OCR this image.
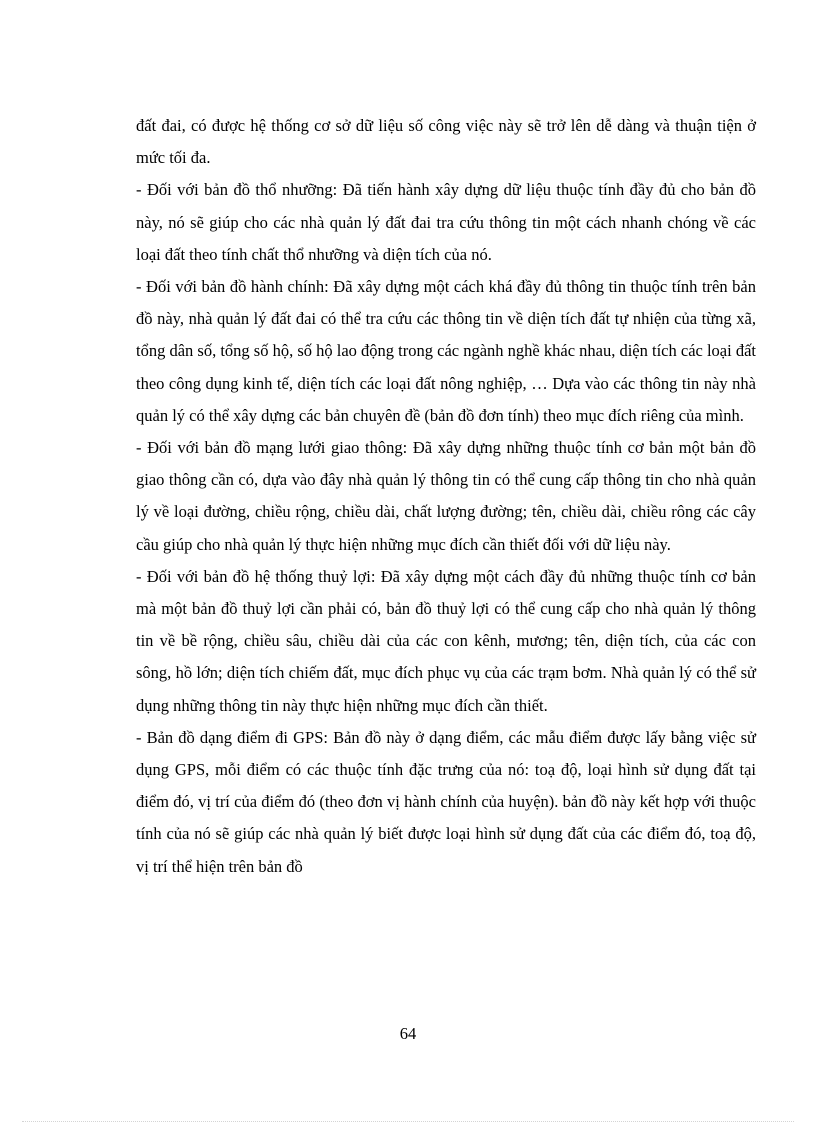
đất đai, có được hệ thống cơ sở dữ liệu số công việc này sẽ trở lên dễ dàng và thuận tiện ở mức tối đa.

- Đối với bản đồ thổ nhưỡng: Đã tiến hành xây dựng dữ liệu thuộc tính đầy đủ cho bản đồ này, nó sẽ giúp cho các nhà quản lý đất đai tra cứu thông tin một cách nhanh chóng về các loại đất theo tính chất thổ nhưỡng và diện tích của nó.

- Đối với bản đồ hành chính: Đã xây dựng một cách khá đầy đủ thông tin thuộc tính trên bản đồ này, nhà quản lý đất đai có thể tra cứu các thông tin về diện tích đất tự nhiện của từng xã, tổng dân số, tổng số hộ, số hộ lao động trong các ngành nghề khác nhau, diện tích các loại đất theo công dụng kinh tế, diện tích các loại đất nông nghiệp, … Dựa vào các thông tin này nhà quản lý có thể xây dựng các bản chuyên đề (bản đồ đơn tính) theo mục đích riêng của mình.

- Đối với bản đồ mạng lưới giao thông: Đã xây dựng những thuộc tính cơ bản một bản đồ giao thông cần có, dựa vào đây nhà quản lý thông tin có thể cung cấp thông tin cho nhà quản lý về loại đường, chiều rộng, chiều dài, chất lượng đường; tên, chiều dài, chiều rông các cây cầu giúp cho nhà quản lý thực hiện những mục đích cần thiết đối với dữ liệu này.

- Đối với bản đồ hệ thống thuỷ lợi: Đã xây dựng một cách đầy đủ những thuộc tính cơ bản mà một bản đồ thuỷ lợi cần phải có, bản đồ thuỷ lợi có thể cung cấp cho nhà quản lý thông tin về bề rộng, chiều sâu, chiều dài của các con kênh, mương; tên, diện tích, của các con sông, hồ lớn; diện tích chiếm đất, mục đích phục vụ của các trạm bơm. Nhà quản lý có thể sử dụng những thông tin này thực hiện những mục đích cần thiết.

- Bản đồ dạng điểm đi GPS: Bản đồ này ở dạng điểm, các mẫu điểm được lấy bằng việc sử dụng GPS, mỗi điểm có các thuộc tính đặc trưng của nó: toạ độ, loại hình sử dụng đất tại điểm đó, vị trí của điểm đó (theo đơn vị hành chính của huyện). bản đồ này kết hợp với thuộc tính của nó sẽ giúp các nhà quản lý biết được loại hình sử dụng đất của các điểm đó, toạ độ, vị trí thể hiện trên bản đồ

64
